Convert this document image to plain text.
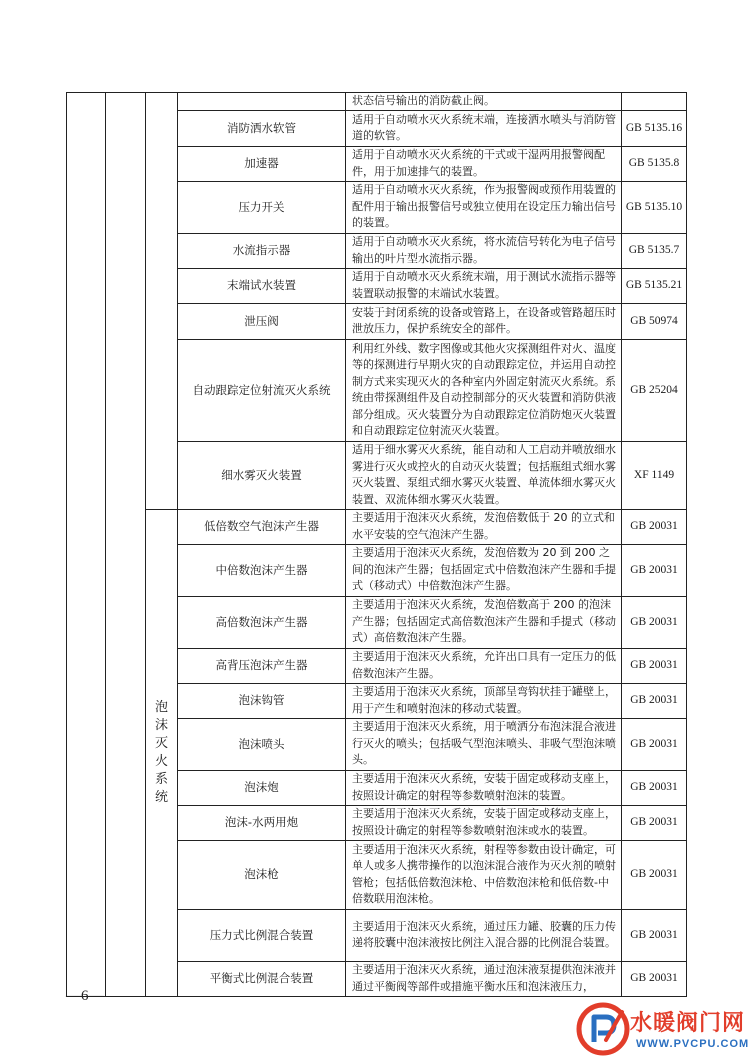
				状态信号输出的消防截止阀。	
			消防洒水软管	适用于自动喷水灭火系统末端，连接洒水喷头与消防管道的软管。	GB 5135.16
			加速器	适用于自动喷水灭火系统的干式或干湿两用报警阀配件，用于加速排气的装置。	GB 5135.8
			压力开关	适用于自动喷水灭火系统，作为报警阀或预作用装置的配件用于输出报警信号或独立使用在设定压力输出信号的装置。	GB 5135.10
			水流指示器	适用于自动喷水灭火系统，将水流信号转化为电子信号输出的叶片型水流指示器。	GB 5135.7
			末端试水装置	适用于自动喷水灭火系统末端，用于测试水流指示器等装置联动报警的末端试水装置。	GB 5135.21
			泄压阀	安装于封闭系统的设备或管路上，在设备或管路超压时泄放压力，保护系统安全的部件。	GB 50974
			自动跟踪定位射流灭火系统	利用红外线、数字图像或其他火灾探测组件对火、温度等的探测进行早期火灾的自动跟踪定位，并运用自动控制方式来实现灭火的各种室内外固定射流灭火系统。系统由带探测组件及自动控制部分的灭火装置和消防供液部分组成。灭火装置分为自动跟踪定位消防炮灭火装置和自动跟踪定位射流灭火装置。	GB 25204
			细水雾灭火装置	适用于细水雾灭火系统，能自动和人工启动并喷放细水雾进行灭火或控火的自动灭火装置；包括瓶组式细水雾灭火装置、泵组式细水雾灭火装置、单流体细水雾灭火装置、双流体细水雾灭火装置。	XF 1149

		泡沫灭火系统	低倍数空气泡沫产生器	主要适用于泡沫灭火系统，发泡倍数低于 20 的立式和水平安装的空气泡沫产生器。	GB 20031
			中倍数泡沫产生器	主要适用于泡沫灭火系统，发泡倍数为 20 到 200 之间的泡沫产生器；包括固定式中倍数泡沫产生器和手提式（移动式）中倍数泡沫产生器。	GB 20031
			高倍数泡沫产生器	主要适用于泡沫灭火系统，发泡倍数高于 200 的泡沫产生器；包括固定式高倍数泡沫产生器和手提式（移动式）高倍数泡沫产生器。	GB 20031
			高背压泡沫产生器	主要适用于泡沫灭火系统，允许出口具有一定压力的低倍数泡沫产生器。	GB 20031
			泡沫钩管	主要适用于泡沫灭火系统，顶部呈弯钩状挂于罐壁上，用于产生和喷射泡沫的移动式装置。	GB 20031
			泡沫喷头	主要适用于泡沫灭火系统，用于喷洒分布泡沫混合液进行灭火的喷头；包括吸气型泡沫喷头、非吸气型泡沫喷头。	GB 20031
			泡沫炮	主要适用于泡沫灭火系统，安装于固定或移动支座上，按照设计确定的射程等参数喷射泡沫的装置。	GB 20031
			泡沫-水两用炮	主要适用于泡沫灭火系统，安装于固定或移动支座上，按照设计确定的射程等参数喷射泡沫或水的装置。	GB 20031
			泡沫枪	主要适用于泡沫灭火系统，射程等参数由设计确定，可单人或多人携带操作的以泡沫混合液作为灭火剂的喷射管枪；包括低倍数泡沫枪、中倍数泡沫枪和低倍数-中倍数联用泡沫枪。	GB 20031
			压力式比例混合装置	主要适用于泡沫灭火系统，通过压力罐、胶囊的压力传递将胶囊中泡沫液按比例注入混合器的比例混合装置。	GB 20031
			平衡式比例混合装置	主要适用于泡沫灭火系统，通过泡沫液泵提供泡沫液并通过平衡阀等部件或措施平衡水压和泡沫液压力，	GB 20031
—6—
水暖阀门网
WWW.PVCPU.COM
